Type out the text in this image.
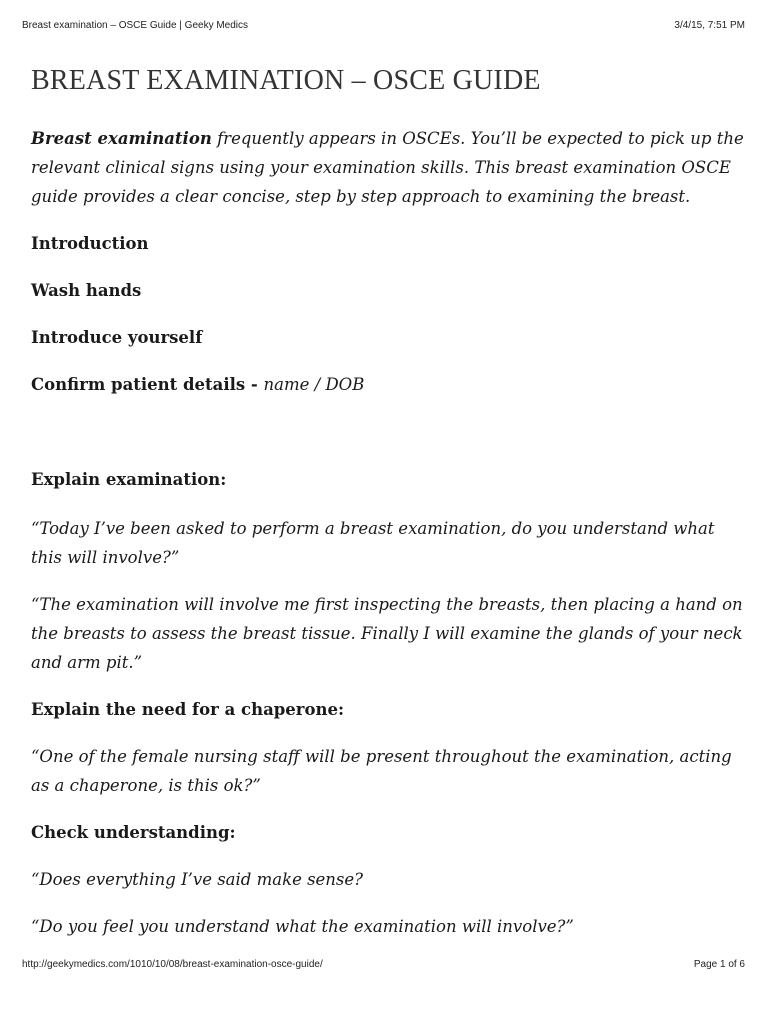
Breast examination – OSCE Guide | Geeky Medics	3/4/15, 7:51 PM
BREAST EXAMINATION – OSCE GUIDE

Breast examination frequently appears in OSCEs. You’ll be expected to pick up the relevant clinical signs using your examination skills. This breast examination OSCE guide provides a clear concise, step by step approach to examining the breast.

Introduction

Wash hands

Introduce yourself

Confirm patient details - name / DOB

Explain examination:

“Today I’ve been asked to perform a breast examination, do you understand what this will involve?”

“The examination will involve me first inspecting the breasts, then placing a hand on the breasts to assess the breast tissue. Finally I will examine the glands of your neck and arm pit.”

Explain the need for a chaperone:

“One of the female nursing staff will be present throughout the examination, acting as a chaperone, is this ok?”

Check understanding:

“Does everything I’ve said make sense?

“Do you feel you understand what the examination will involve?”

http://geekymedics.com/1010/10/08/breast-examination-osce-guide/	Page 1 of 6
